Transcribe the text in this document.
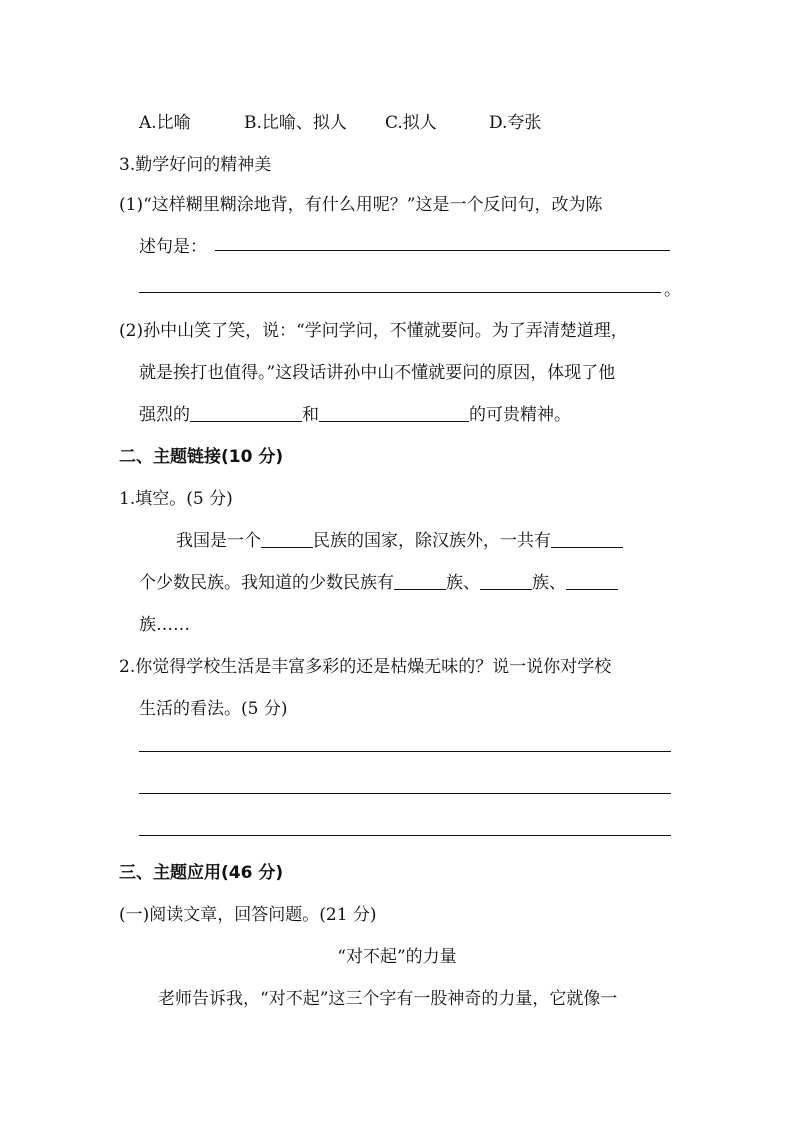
A.比喻	B.比喻、拟人 C.拟人	D.夸张
3.勤学好问的精神美
(1)“这样糊里糊涂地背，有什么用呢？”这是一个反问句，改为陈
述句是：
。
(2)孙中山笑了笑，说：“学问学问，不懂就要问。为了弄清楚道理，
就是挨打也值得。”这段话讲孙中山不懂就要问的原因，体现了他
强烈的	和	的可贵精神。
二、主题链接(10 分)
1.填空。(5 分)
我国是一个	民族的国家，除汉族外，一共有
个少数民族。我知道的少数民族有	族、	族、
族……
2.你觉得学校生活是丰富多彩的还是枯燥无味的？说一说你对学校
生活的看法。(5 分)
三、主题应用(46 分)
(一)阅读文章，回答问题。(21 分)
“对不起”的力量
老师告诉我，“对不起”这三个字有一股神奇的力量，它就像一
